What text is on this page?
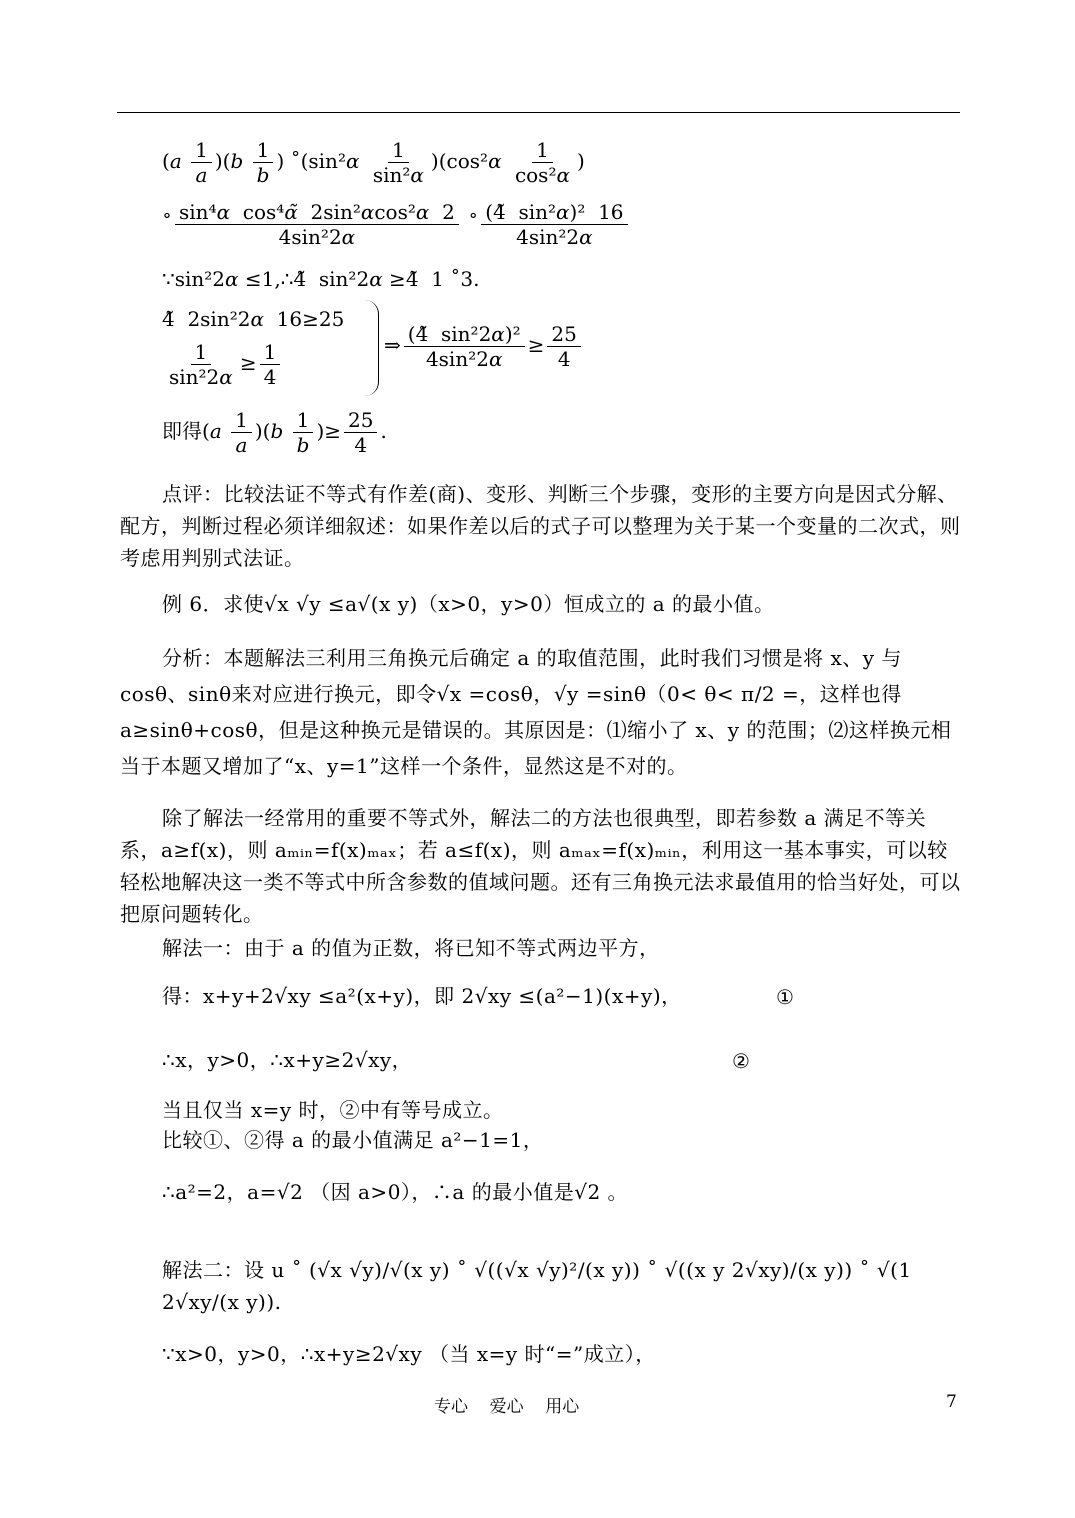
$(a \frac{1}{a} )(b \frac{1}{b}$ ) ˚(sin²α $\frac{1}{\text{sin²α}} )(\cos^2\alpha \frac{1}{\text{cos²α}}$ )
˚ $\frac{\text{sin⁴α  cos⁴α̃  2sin²αcos²α  2}}{\text{4sin²2α}}$ ˚ $\frac{\text{(4̃  sin²α)²  16}}{\text{4sin²2α}}$
∵sin²2α ≤1,∴4̃  sin²2α ≥4̃  1 ˚3.
4̃  2sin²2α  16≥25
$\frac{1}{\text{sin²2α}} \ge \frac{1}{4}$	⇒ $\frac{\text{(4̃  sin²2α)²}}{\text{4sin²2α}} \ge \frac{25}{4}$
即得$(a \frac{1}{a} )(b \frac{1}{b}$ )≥ $\frac{25}{4}$ .
点评：比较法证不等式有作差(商)、变形、判断三个步骤，变形的主要方向是因式分解、配方，判断过程必须详细叙述：如果作差以后的式子可以整理为关于某一个变量的二次式，则考虑用判别式法证。
例 6．求使√x √y ≤a√(x y)（x>0，y>0）恒成立的 a 的最小值。
分析：本题解法三利用三角换元后确定 a 的取值范围，此时我们习惯是将 x、y 与 cosθ、sinθ来对应进行换元，即令√x =cosθ，√y =sinθ（0< θ< π/2 =，这样也得 a≥sinθ+cosθ，但是这种换元是错误的。其原因是：⑴缩小了 x、y 的范围；⑵这样换元相当于本题又增加了“x、y=1”这样一个条件，显然这是不对的。
除了解法一经常用的重要不等式外，解法二的方法也很典型，即若参数 a 满足不等关系，a≥f(x)，则 aₘᵢₙ=f(x)ₘₐₓ；若 a≤f(x)，则 aₘₐₓ=f(x)ₘᵢₙ，利用这一基本事实，可以较轻松地解决这一类不等式中所含参数的值域问题。还有三角换元法求最值用的恰当好处，可以把原问题转化。
解法一：由于 a 的值为正数，将已知不等式两边平方，
得：x+y+2√xy ≤a²(x+y)，即 2√xy ≤(a²−1)(x+y)，	①
∴x，y>0，∴x+y≥2√xy，	②
当且仅当 x=y 时，②中有等号成立。
比较①、②得 a 的最小值满足 a²−1=1，
∴a²=2，a=√2 （因 a>0），∴a 的最小值是√2 。
解法二：设 u ˚ (√x √y)/√(x y) ˚ √((√x √y)²/(x y)) ˚ √((x y 2√xy)/(x y)) ˚ √(1 2√xy/(x y)).
∵x>0，y>0，∴x+y≥2√xy （当 x=y 时“=”成立），
专心    爱心    用心	7
